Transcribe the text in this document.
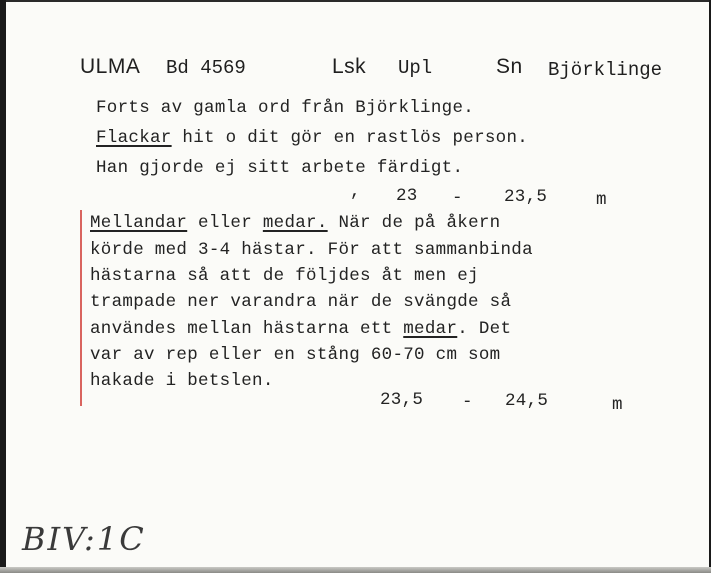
ULMA Bd 4569	Lsk Upl	Sn Björklinge
Forts av gamla ord från Björklinge.
Flackar hit o dit gör en rastlös person.
Han gjorde ej sitt arbete färdigt.
, 23 - 23,5	m
Mellandar eller medar. När de på åkern
körde med 3-4 hästar. För att sammanbinda
hästarna så att de följdes åt men ej
trampade ner varandra när de svängde så
användes mellan hästarna ett medar. Det
var av rep eller en stång 60-70 cm som
hakade i betslen.
23,5 - 24,5	m
BIV:1C
